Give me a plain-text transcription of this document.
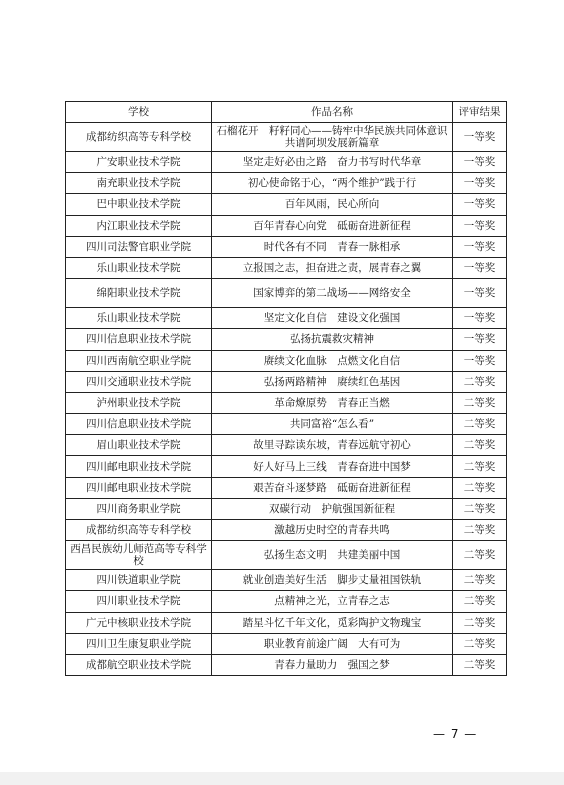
学校	作品名称	评审结果
成都纺织高等专科学校	石榴花开　籽籽同心——铸牢中华民族共同体意识　共谱阿坝发展新篇章	一等奖
广安职业技术学院	坚定走好必由之路　奋力书写时代华章	一等奖
南充职业技术学院	初心使命铭于心，“两个维护”践于行	一等奖
巴中职业技术学院	百年风雨，民心所向	一等奖
内江职业技术学院	百年青春心向党　砥砺奋进新征程	一等奖
四川司法警官职业学院	时代各有不同　青春一脉相承	一等奖
乐山职业技术学院	立报国之志，担奋进之责，展青春之翼	一等奖
绵阳职业技术学院	国家博弈的第二战场——网络安全	一等奖
乐山职业技术学院	坚定文化自信　建设文化强国	一等奖
四川信息职业技术学院	弘扬抗震救灾精神	一等奖
四川西南航空职业学院	赓续文化血脉　点燃文化自信	一等奖
四川交通职业技术学院	弘扬两路精神　赓续红色基因	二等奖
泸州职业技术学院	革命燎原势　青春正当燃	二等奖
四川信息职业技术学院	共同富裕“怎么看”	二等奖
眉山职业技术学院	故里寻踪读东坡，青春远航守初心	二等奖
四川邮电职业技术学院	好人好马上三线　青春奋进中国梦	二等奖
四川邮电职业技术学院	艰苦奋斗逐梦路　砥砺奋进新征程	二等奖
四川商务职业学院	双碳行动　护航强国新征程	二等奖
成都纺织高等专科学校	激越历史时空的青春共鸣	二等奖
西昌民族幼儿师范高等专科学校	弘扬生态文明　共建美丽中国	二等奖
四川铁道职业学院	就业创造美好生活　脚步丈量祖国铁轨	二等奖
四川职业技术学院	点精神之光，立青春之志	二等奖
广元中核职业技术学院	踏星斗忆千年文化，觅彩陶护文物瑰宝	二等奖
四川卫生康复职业学院	职业教育前途广阔　大有可为	二等奖
成都航空职业技术学院	青春力量助力　强国之梦	二等奖
— 7 —
